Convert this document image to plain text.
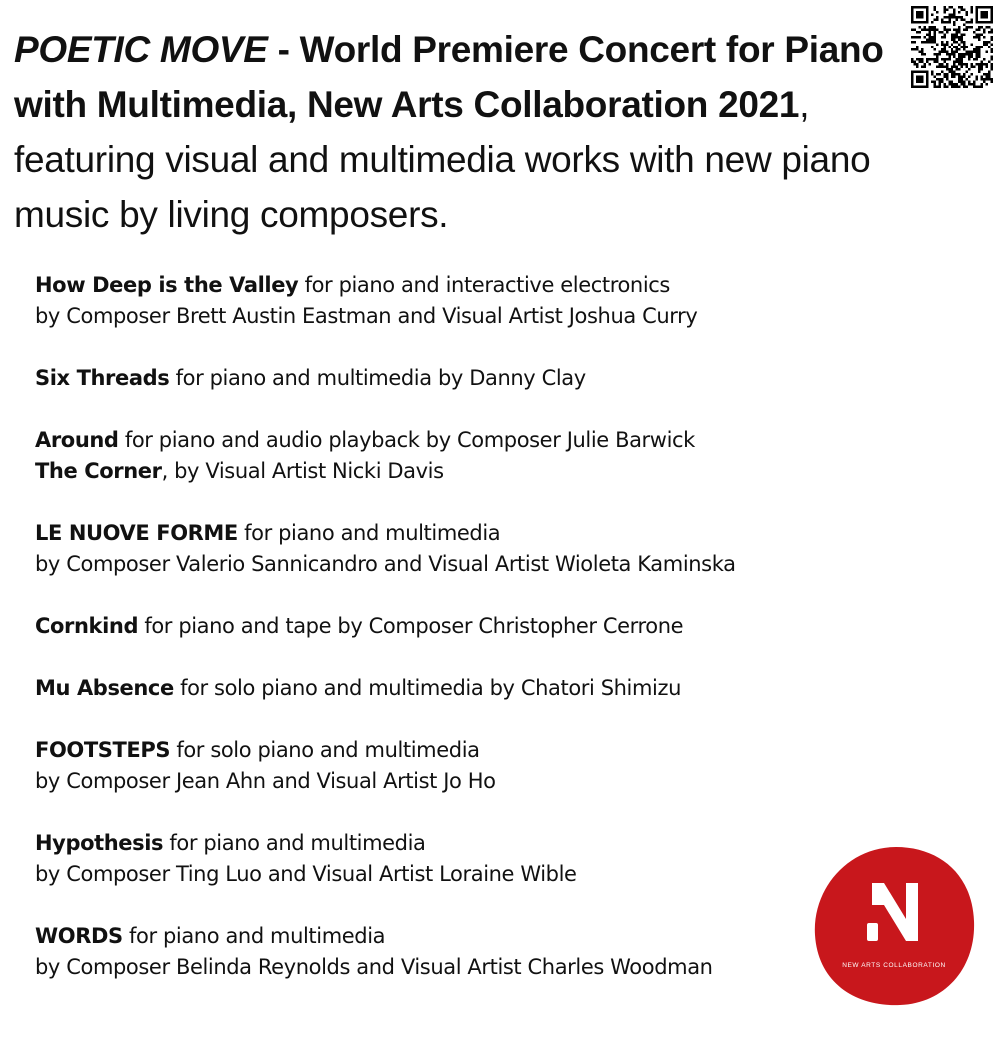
POETIC MOVE - World Premiere Concert for Piano with Multimedia, New Arts Collaboration 2021, featuring visual and multimedia works with new piano music by living composers.
How Deep is the Valley for piano and interactive electronics
by Composer Brett Austin Eastman and Visual Artist Joshua Curry
Six Threads for piano and multimedia by Danny Clay
Around for piano and audio playback by Composer Julie Barwick
The Corner, by Visual Artist Nicki Davis
LE NUOVE FORME for piano and multimedia
by Composer Valerio Sannicandro and Visual Artist Wioleta Kaminska
Cornkind for piano and tape by Composer Christopher Cerrone
Mu Absence for solo piano and multimedia by Chatori Shimizu
FOOTSTEPS for solo piano and multimedia
by Composer Jean Ahn and Visual Artist Jo Ho
Hypothesis for piano and multimedia
by Composer Ting Luo and Visual Artist Loraine Wible
WORDS for piano and multimedia
by Composer Belinda Reynolds and Visual Artist Charles Woodman	NEW ARTS COLLABORATION
